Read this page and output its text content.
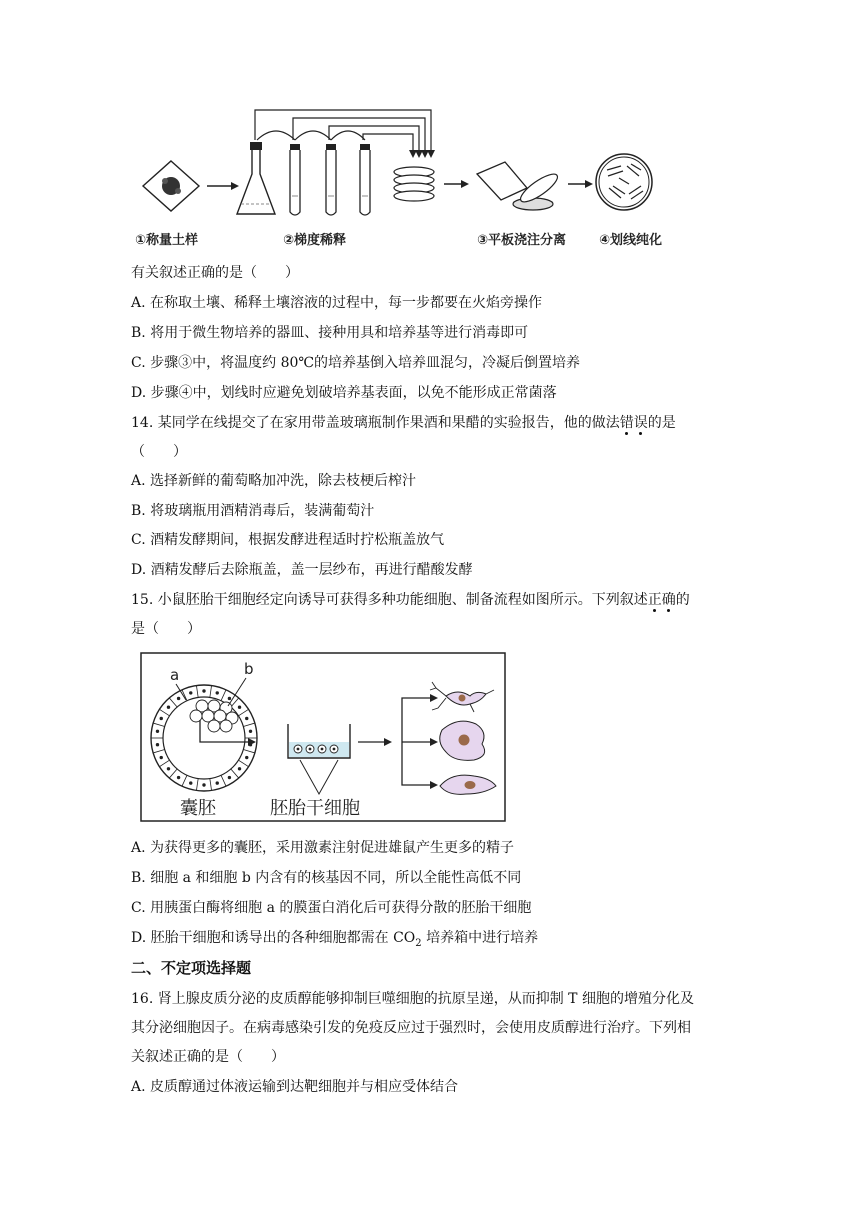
①称量土样	②梯度稀释	③平板浇注分离	④划线纯化
有关叙述正确的是（　　）
A. 在称取土壤、稀释土壤溶液的过程中，每一步都要在火焰旁操作
B. 将用于微生物培养的器皿、接种用具和培养基等进行消毒即可
C. 步骤③中，将温度约 80℃的培养基倒入培养皿混匀，冷凝后倒置培养
D. 步骤④中，划线时应避免划破培养基表面，以免不能形成正常菌落
14. 某同学在线提交了在家用带盖玻璃瓶制作果酒和果醋的实验报告，他的做法错误的是
（　　）
A. 选择新鲜的葡萄略加冲洗，除去枝梗后榨汁
B. 将玻璃瓶用酒精消毒后，装满葡萄汁
C. 酒精发酵期间，根据发酵进程适时拧松瓶盖放气
D. 酒精发酵后去除瓶盖，盖一层纱布，再进行醋酸发酵
15. 小鼠胚胎干细胞经定向诱导可获得多种功能细胞、制备流程如图所示。下列叙述正确的
是（　　）
a	b
囊胚	胚胎干细胞
A. 为获得更多的囊胚，采用激素注射促进雄鼠产生更多的精子
B. 细胞 a 和细胞 b 内含有的核基因不同，所以全能性高低不同
C. 用胰蛋白酶将细胞 a 的膜蛋白消化后可获得分散的胚胎干细胞
D. 胚胎干细胞和诱导出的各种细胞都需在 $CO_2$ 培养箱中进行培养
二、不定项选择题
16. 肾上腺皮质分泌的皮质醇能够抑制巨噬细胞的抗原呈递，从而抑制 T 细胞的增殖分化及
其分泌细胞因子。在病毒感染引发的免疫反应过于强烈时，会使用皮质醇进行治疗。下列相
关叙述正确的是（　　）
A. 皮质醇通过体液运输到达靶细胞并与相应受体结合
